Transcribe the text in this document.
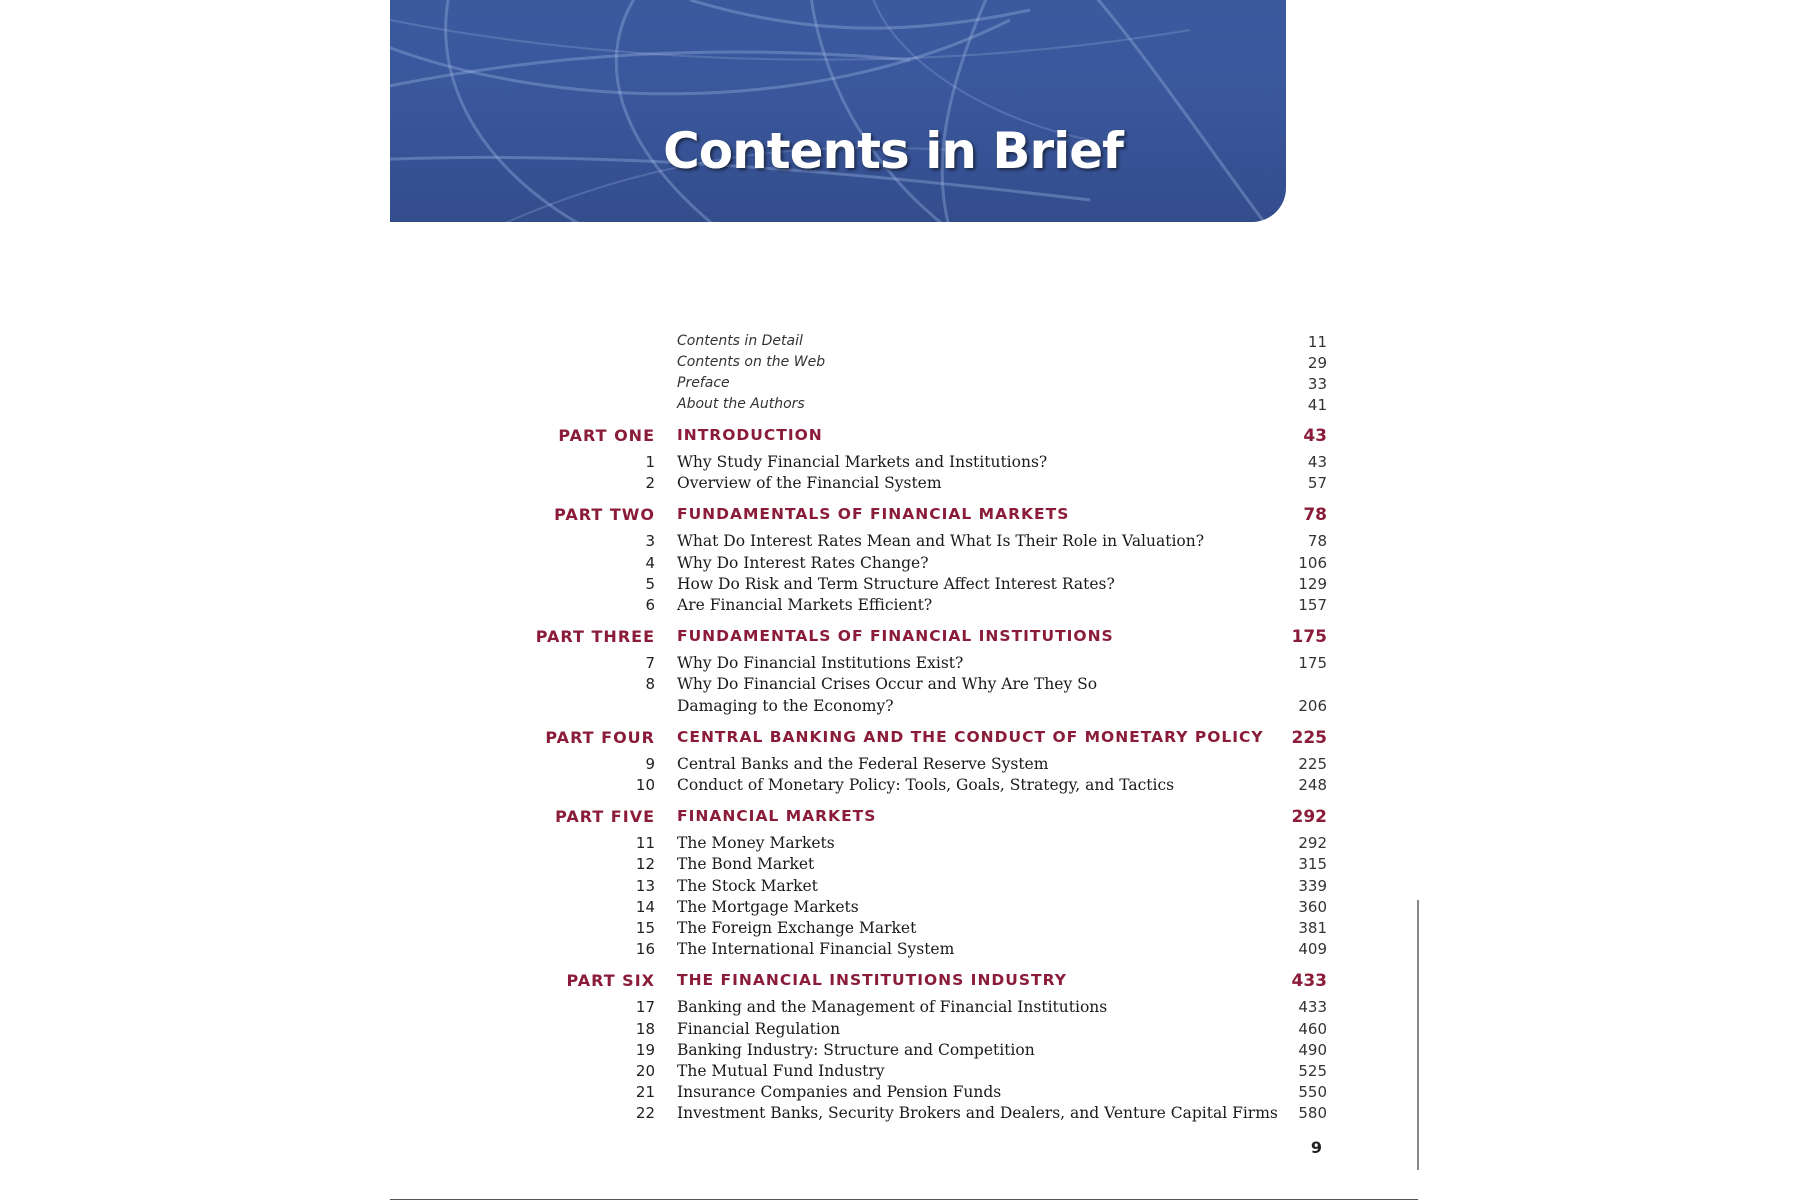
Contents in Brief
Contents in Detail	11
Contents on the Web	29
Preface	33
About the Authors	41
PART ONE INTRODUCTION	43
1 Why Study Financial Markets and Institutions?	43
2 Overview of the Financial System	57
PART TWO FUNDAMENTALS OF FINANCIAL MARKETS	78
3 What Do Interest Rates Mean and What Is Their Role in Valuation?	78
4 Why Do Interest Rates Change?	106
5 How Do Risk and Term Structure Affect Interest Rates?	129
6 Are Financial Markets Efficient?	157
PART THREE FUNDAMENTALS OF FINANCIAL INSTITUTIONS	175
7 Why Do Financial Institutions Exist?	175
8 Why Do Financial Crises Occur and Why Are They So
Damaging to the Economy?	206
PART FOUR CENTRAL BANKING AND THE CONDUCT OF MONETARY POLICY	225
9 Central Banks and the Federal Reserve System	225
10 Conduct of Monetary Policy: Tools, Goals, Strategy, and Tactics	248
PART FIVE FINANCIAL MARKETS	292
11 The Money Markets	292
12 The Bond Market	315
13 The Stock Market	339
14 The Mortgage Markets	360
15 The Foreign Exchange Market	381
16 The International Financial System	409
PART SIX THE FINANCIAL INSTITUTIONS INDUSTRY	433
17 Banking and the Management of Financial Institutions	433
18 Financial Regulation	460
19 Banking Industry: Structure and Competition	490
20 The Mutual Fund Industry	525
21 Insurance Companies and Pension Funds	550
22 Investment Banks, Security Brokers and Dealers, and Venture Capital Firms	580
9
